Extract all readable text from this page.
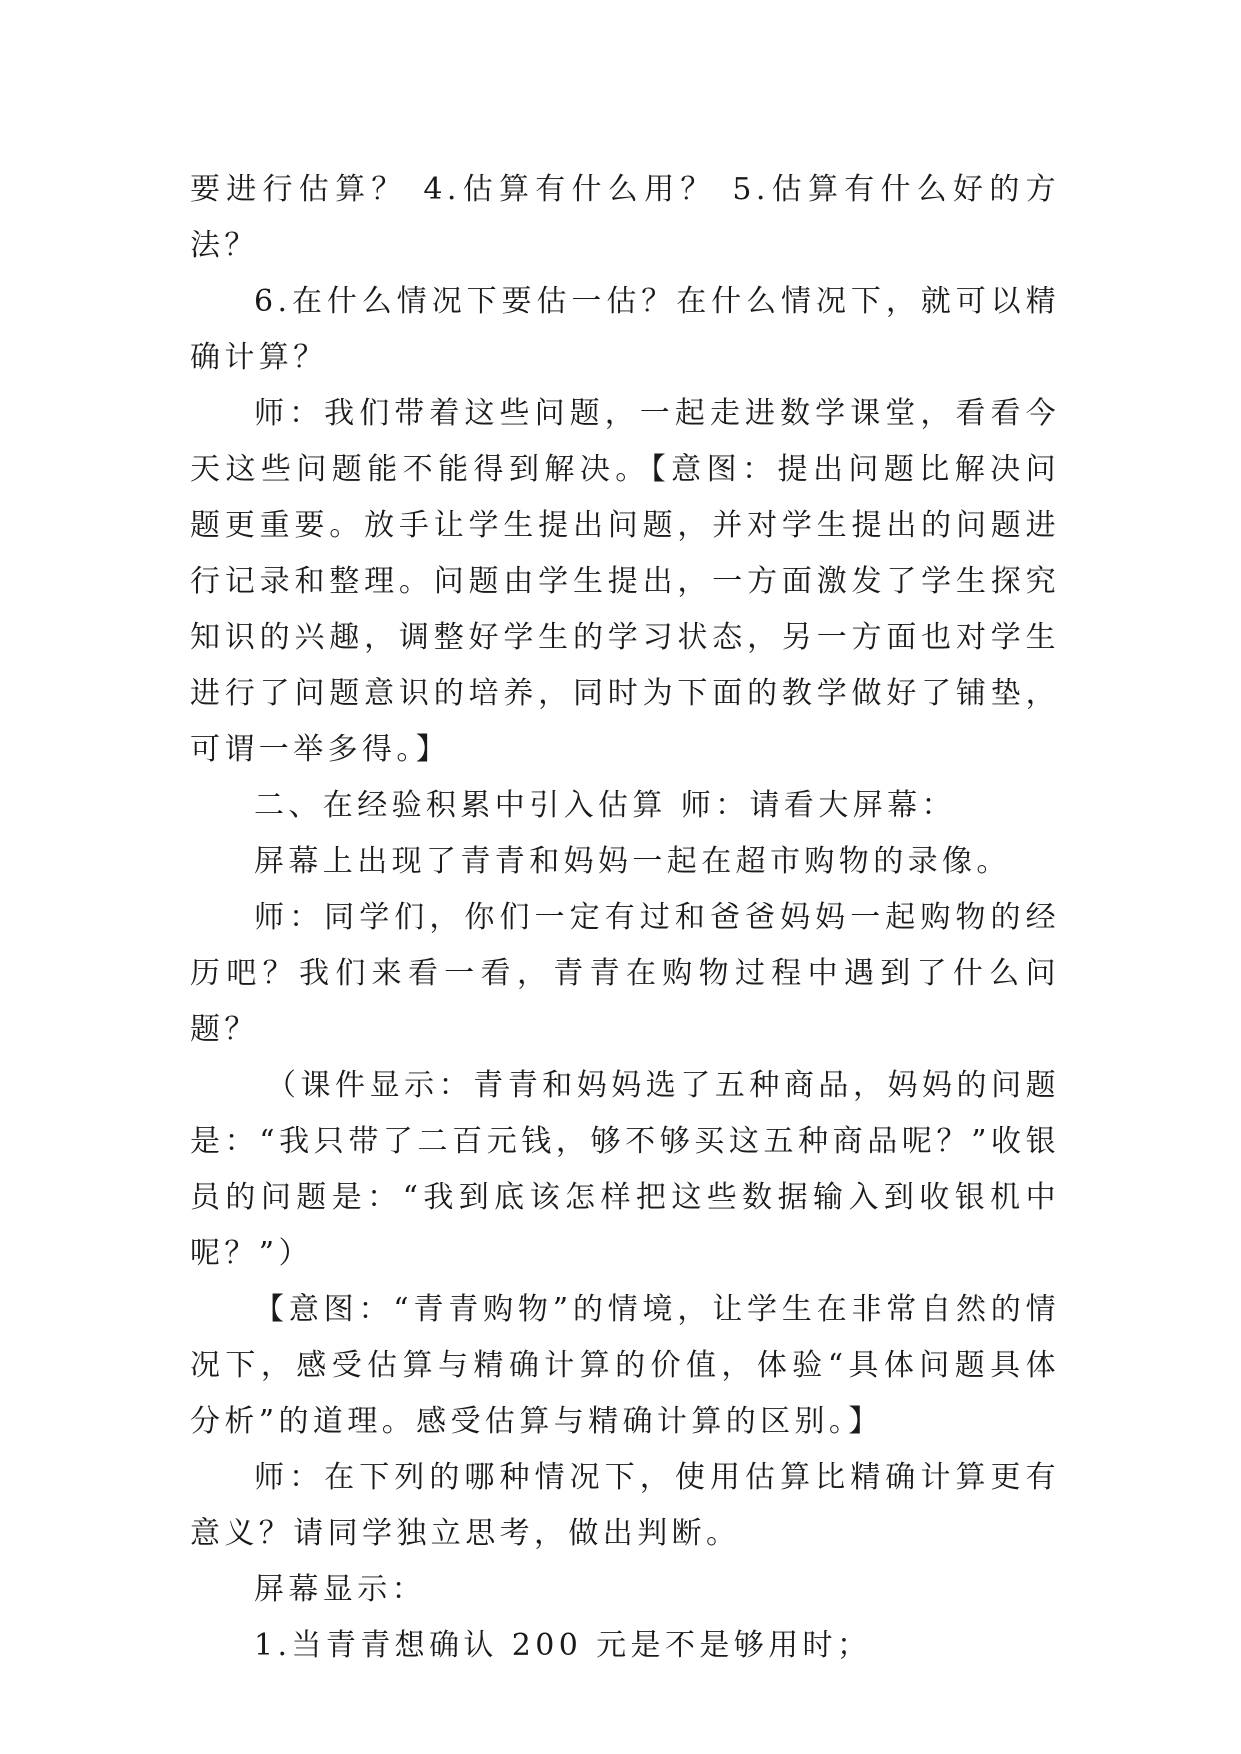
要进行估算？ 4.估算有什么用？ 5.估算有什么好的方法？

6.在什么情况下要估一估？在什么情况下，就可以精确计算？

师：我们带着这些问题，一起走进数学课堂，看看今天这些问题能不能得到解决。【意图：提出问题比解决问题更重要。放手让学生提出问题，并对学生提出的问题进行记录和整理。问题由学生提出，一方面激发了学生探究知识的兴趣，调整好学生的学习状态，另一方面也对学生进行了问题意识的培养，同时为下面的教学做好了铺垫，可谓一举多得。】

二、在经验积累中引入估算 师：请看大屏幕：

屏幕上出现了青青和妈妈一起在超市购物的录像。

师：同学们，你们一定有过和爸爸妈妈一起购物的经历吧？我们来看一看，青青在购物过程中遇到了什么问题？

（课件显示：青青和妈妈选了五种商品，妈妈的问题是：“我只带了二百元钱，够不够买这五种商品呢？”收银员的问题是：“我到底该怎样把这些数据输入到收银机中呢？”）

【意图：“青青购物”的情境，让学生在非常自然的情况下，感受估算与精确计算的价值，体验“具体问题具体分析”的道理。感受估算与精确计算的区别。】

师：在下列的哪种情况下，使用估算比精确计算更有意义？请同学独立思考，做出判断。

屏幕显示：

1.当青青想确认 200 元是不是够用时；
